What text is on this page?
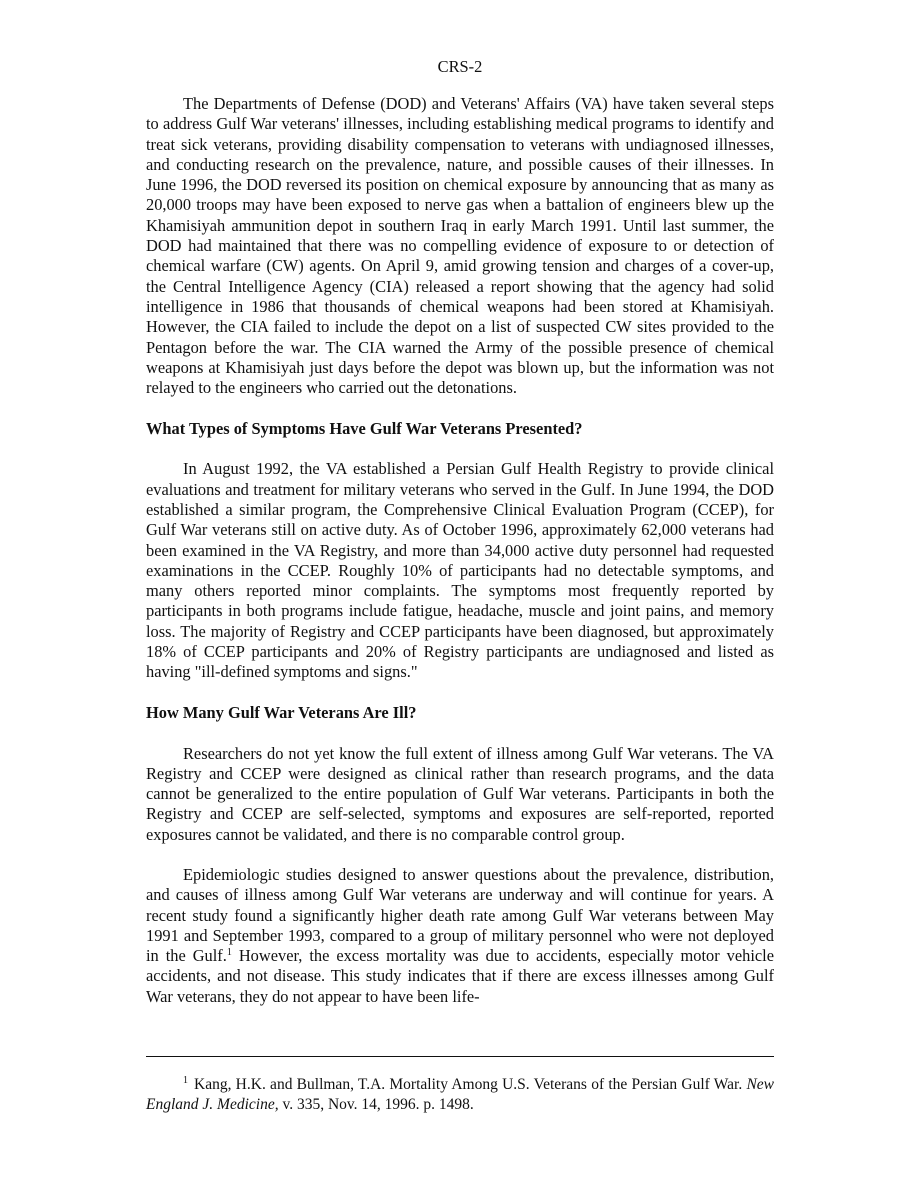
CRS-2

The Departments of Defense (DOD) and Veterans' Affairs (VA) have taken several steps to address Gulf War veterans' illnesses, including establishing medical programs to identify and treat sick veterans, providing disability compensation to veterans with undiagnosed illnesses, and conducting research on the prevalence, nature, and possible causes of their illnesses. In June 1996, the DOD reversed its position on chemical exposure by announcing that as many as 20,000 troops may have been exposed to nerve gas when a battalion of engineers blew up the Khamisiyah ammunition depot in southern Iraq in early March 1991. Until last summer, the DOD had maintained that there was no compelling evidence of exposure to or detection of chemical warfare (CW) agents. On April 9, amid growing tension and charges of a cover-up, the Central Intelligence Agency (CIA) released a report showing that the agency had solid intelligence in 1986 that thousands of chemical weapons had been stored at Khamisiyah. However, the CIA failed to include the depot on a list of suspected CW sites provided to the Pentagon before the war. The CIA warned the Army of the possible presence of chemical weapons at Khamisiyah just days before the depot was blown up, but the information was not relayed to the engineers who carried out the detonations.

What Types of Symptoms Have Gulf War Veterans Presented?

In August 1992, the VA established a Persian Gulf Health Registry to provide clinical evaluations and treatment for military veterans who served in the Gulf. In June 1994, the DOD established a similar program, the Comprehensive Clinical Evaluation Program (CCEP), for Gulf War veterans still on active duty. As of October 1996, approximately 62,000 veterans had been examined in the VA Registry, and more than 34,000 active duty personnel had requested examinations in the CCEP. Roughly 10% of participants had no detectable symptoms, and many others reported minor complaints. The symptoms most frequently reported by participants in both programs include fatigue, headache, muscle and joint pains, and memory loss. The majority of Registry and CCEP participants have been diagnosed, but approximately 18% of CCEP participants and 20% of Registry participants are undiagnosed and listed as having "ill-defined symptoms and signs."

How Many Gulf War Veterans Are Ill?

Researchers do not yet know the full extent of illness among Gulf War veterans. The VA Registry and CCEP were designed as clinical rather than research programs, and the data cannot be generalized to the entire population of Gulf War veterans. Participants in both the Registry and CCEP are self-selected, symptoms and exposures are self-reported, reported exposures cannot be validated, and there is no comparable control group.

Epidemiologic studies designed to answer questions about the prevalence, distribution, and causes of illness among Gulf War veterans are underway and will continue for years. A recent study found a significantly higher death rate among Gulf War veterans between May 1991 and September 1993, compared to a group of military personnel who were not deployed in the Gulf.$^1$ However, the excess mortality was due to accidents, especially motor vehicle accidents, and not disease. This study indicates that if there are excess illnesses among Gulf War veterans, they do not appear to have been life-

$^1$ Kang, H.K. and Bullman, T.A. Mortality Among U.S. Veterans of the Persian Gulf War. New England J. Medicine, v. 335, Nov. 14, 1996. p. 1498.
